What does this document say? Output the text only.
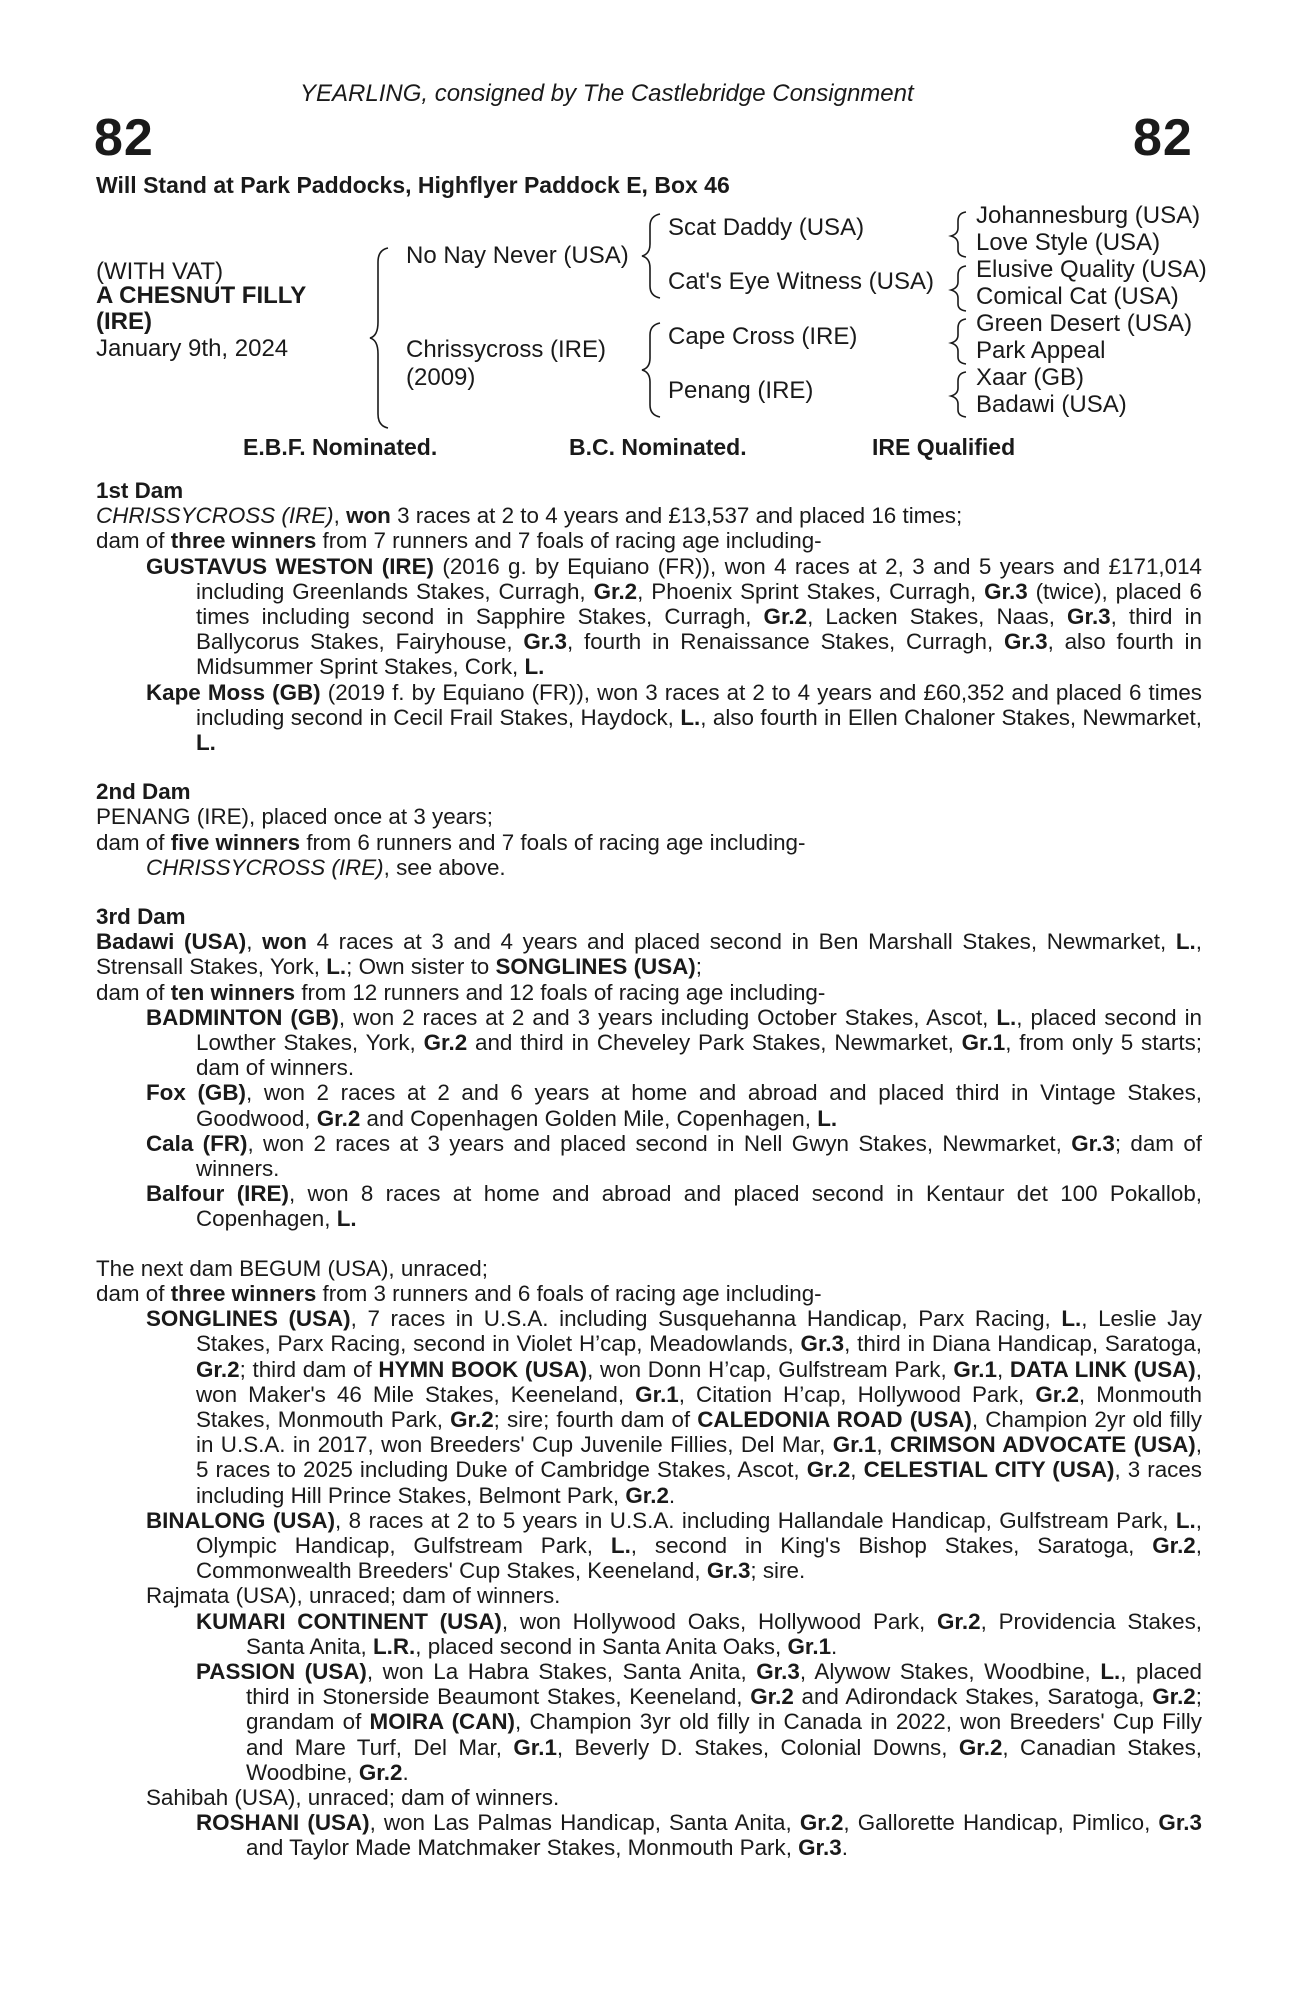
YEARLING, consigned by The Castlebridge Consignment
82	82
Will Stand at Park Paddocks, Highflyer Paddock E, Box 46
(WITH VAT)
A CHESNUT FILLY
(IRE)
January 9th, 2024
No Nay Never (USA)
Chrissycross (IRE)
(2009)
Scat Daddy (USA)
Cat's Eye Witness (USA)
Cape Cross (IRE)
Penang (IRE)
Johannesburg (USA)
Love Style (USA)
Elusive Quality (USA)
Comical Cat (USA)
Green Desert (USA)
Park Appeal
Xaar (GB)
Badawi (USA)
E.B.F. Nominated.	B.C. Nominated.	IRE Qualified

1st Dam

CHRISSYCROSS (IRE), won 3 races at 2 to 4 years and £13,537 and placed 16 times;

dam of three winners from 7 runners and 7 foals of racing age including-

GUSTAVUS WESTON (IRE) (2016 g. by Equiano (FR)), won 4 races at 2, 3 and 5 years and £171,014 including Greenlands Stakes, Curragh, Gr.2, Phoenix Sprint Stakes, Curragh, Gr.3 (twice), placed 6 times including second in Sapphire Stakes, Curragh, Gr.2, Lacken Stakes, Naas, Gr.3, third in Ballycorus Stakes, Fairyhouse, Gr.3, fourth in Renaissance Stakes, Curragh, Gr.3, also fourth in Midsummer Sprint Stakes, Cork, L.

Kape Moss (GB) (2019 f. by Equiano (FR)), won 3 races at 2 to 4 years and £60,352 and placed 6 times including second in Cecil Frail Stakes, Haydock, L., also fourth in Ellen Chaloner Stakes, Newmarket, L.

2nd Dam

PENANG (IRE), placed once at 3 years;

dam of five winners from 6 runners and 7 foals of racing age including-

CHRISSYCROSS (IRE), see above.

3rd Dam

Badawi (USA), won 4 races at 3 and 4 years and placed second in Ben Marshall Stakes, Newmarket, L., Strensall Stakes, York, L.; Own sister to SONGLINES (USA);

dam of ten winners from 12 runners and 12 foals of racing age including-

BADMINTON (GB), won 2 races at 2 and 3 years including October Stakes, Ascot, L., placed second in Lowther Stakes, York, Gr.2 and third in Cheveley Park Stakes, Newmarket, Gr.1, from only 5 starts; dam of winners.

Fox (GB), won 2 races at 2 and 6 years at home and abroad and placed third in Vintage Stakes, Goodwood, Gr.2 and Copenhagen Golden Mile, Copenhagen, L.

Cala (FR), won 2 races at 3 years and placed second in Nell Gwyn Stakes, Newmarket, Gr.3; dam of winners.

Balfour (IRE), won 8 races at home and abroad and placed second in Kentaur det 100 Pokallob, Copenhagen, L.

The next dam BEGUM (USA), unraced;

dam of three winners from 3 runners and 6 foals of racing age including-

SONGLINES (USA), 7 races in U.S.A. including Susquehanna Handicap, Parx Racing, L., Leslie Jay Stakes, Parx Racing, second in Violet H’cap, Meadowlands, Gr.3, third in Diana Handicap, Saratoga, Gr.2; third dam of HYMN BOOK (USA), won Donn H’cap, Gulfstream Park, Gr.1, DATA LINK (USA), won Maker's 46 Mile Stakes, Keeneland, Gr.1, Citation H’cap, Hollywood Park, Gr.2, Monmouth Stakes, Monmouth Park, Gr.2; sire; fourth dam of CALEDONIA ROAD (USA), Champion 2yr old filly in U.S.A. in 2017, won Breeders' Cup Juvenile Fillies, Del Mar, Gr.1, CRIMSON ADVOCATE (USA), 5 races to 2025 including Duke of Cambridge Stakes, Ascot, Gr.2, CELESTIAL CITY (USA), 3 races including Hill Prince Stakes, Belmont Park, Gr.2.

BINALONG (USA), 8 races at 2 to 5 years in U.S.A. including Hallandale Handicap, Gulfstream Park, L., Olympic Handicap, Gulfstream Park, L., second in King's Bishop Stakes, Saratoga, Gr.2, Commonwealth Breeders' Cup Stakes, Keeneland, Gr.3; sire.

Rajmata (USA), unraced; dam of winners.

KUMARI CONTINENT (USA), won Hollywood Oaks, Hollywood Park, Gr.2, Providencia Stakes, Santa Anita, L.R., placed second in Santa Anita Oaks, Gr.1.

PASSION (USA), won La Habra Stakes, Santa Anita, Gr.3, Alywow Stakes, Woodbine, L., placed third in Stonerside Beaumont Stakes, Keeneland, Gr.2 and Adirondack Stakes, Saratoga, Gr.2; grandam of MOIRA (CAN), Champion 3yr old filly in Canada in 2022, won Breeders' Cup Filly and Mare Turf, Del Mar, Gr.1, Beverly D. Stakes, Colonial Downs, Gr.2, Canadian Stakes, Woodbine, Gr.2.

Sahibah (USA), unraced; dam of winners.

ROSHANI (USA), won Las Palmas Handicap, Santa Anita, Gr.2, Gallorette Handicap, Pimlico, Gr.3 and Taylor Made Matchmaker Stakes, Monmouth Park, Gr.3.
